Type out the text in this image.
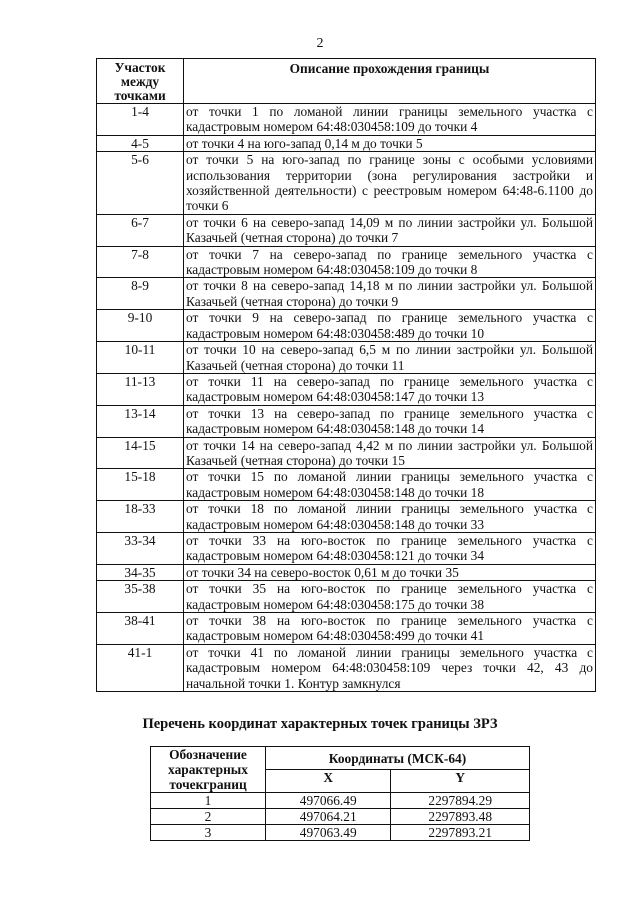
2
Участок
между
точками	Описание прохождения границы
1-4	от точки 1 по ломаной линии границы земельного участка с кадастровым номером 64:48:030458:109 до точки 4
4-5	от точки 4 на юго-запад 0,14 м до точки 5
5-6	от точки 5 на юго-запад по границе зоны с особыми условиями использования территории (зона регулирования застройки и хозяйственной деятельности) с реестровым номером 64:48-6.1100 до точки 6
6-7	от точки 6 на северо-запад 14,09 м по линии застройки ул. Большой Казачьей (четная сторона) до точки 7
7-8	от точки 7 на северо-запад по границе земельного участка с кадастровым номером 64:48:030458:109 до точки 8
8-9	от точки 8 на северо-запад 14,18 м по линии застройки ул. Большой Казачьей (четная сторона) до точки 9
9-10	от точки 9 на северо-запад по границе земельного участка с кадастровым номером 64:48:030458:489 до точки 10
10-11	от точки 10 на северо-запад 6,5 м по линии застройки ул. Большой Казачьей (четная сторона) до точки 11
11-13	от точки 11 на северо-запад по границе земельного участка с кадастровым номером 64:48:030458:147 до точки 13
13-14	от точки 13 на северо-запад по границе земельного участка с кадастровым номером 64:48:030458:148 до точки 14
14-15	от точки 14 на северо-запад 4,42 м по линии застройки ул. Большой Казачьей (четная сторона) до точки 15
15-18	от точки 15 по ломаной линии границы земельного участка с кадастровым номером 64:48:030458:148 до точки 18
18-33	от точки 18 по ломаной линии границы земельного участка с кадастровым номером 64:48:030458:148 до точки 33
33-34	от точки 33 на юго-восток по границе земельного участка с кадастровым номером 64:48:030458:121 до точки 34
34-35	от точки 34 на северо-восток 0,61 м до точки 35
35-38	от точки 35 на юго-восток по границе земельного участка с кадастровым номером 64:48:030458:175 до точки 38
38-41	от точки 38 на юго-восток по границе земельного участка с кадастровым номером 64:48:030458:499 до точки 41
41-1	от точки 41 по ломаной линии границы земельного участка с кадастровым номером 64:48:030458:109 через точки 42, 43 до начальной точки 1. Контур замкнулся
Перечень координат характерных точек границы ЗРЗ
Обозначение
характерных
точекграниц	Координаты (МСК-64)	
	X	Y
1	497066.49	2297894.29
2	497064.21	2297893.48
3	497063.49	2297893.21
